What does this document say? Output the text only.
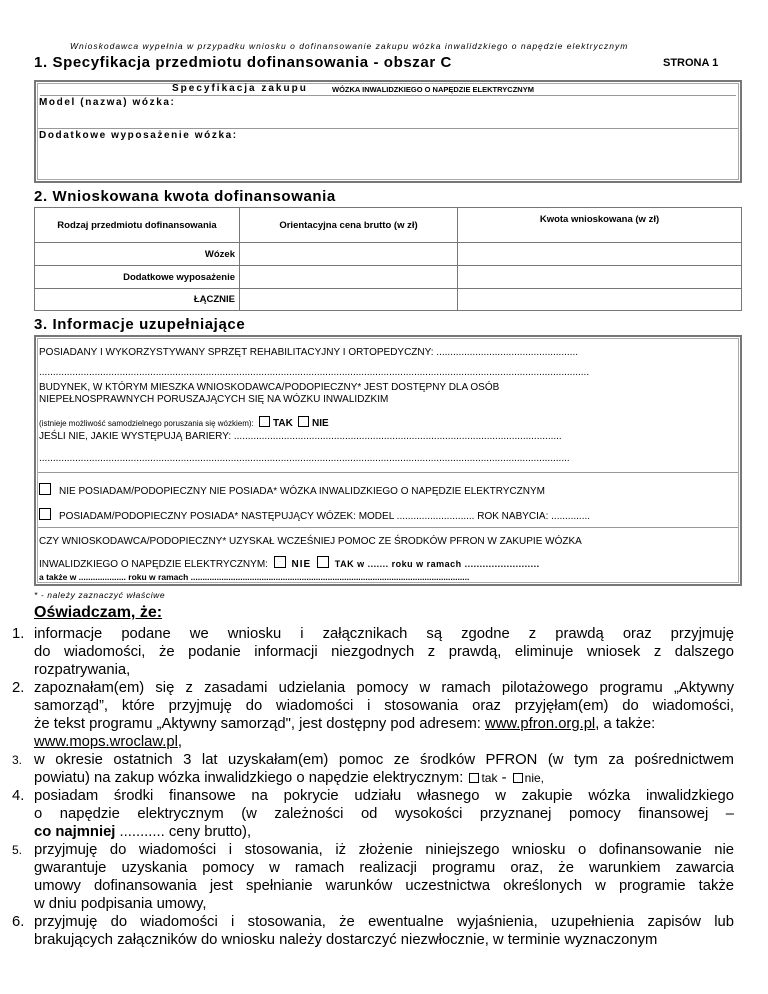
Wnioskodawca wypełnia w przypadku wniosku o dofinansowanie zakupu wózka inwalidzkiego o napędzie elektrycznym
1. Specyfikacja przedmiotu dofinansowania - obszar C	STRONA 1
Specyfikacja zakupu	WÓZKA INWALIDZKIEGO O NAPĘDZIE ELEKTRYCZNYM
Model (nazwa) wózka:
Dodatkowe wyposażenie wózka:
2. Wnioskowana kwota dofinansowania
Rodzaj przedmiotu dofinansowania	Orientacyjna cena brutto (w zł)	Kwota wnioskowana (w zł)
Wózek		
Dodatkowe wyposażenie		
ŁĄCZNIE		
3. Informacje uzupełniające
POSIADANY I WYKORZYSTYWANY SPRZĘT REHABILITACYJNY I ORTOPEDYCZNY: ...................................................
......................................................................................................................................................................................................
BUDYNEK, W KTÓRYM MIESZKA WNIOSKODAWCA/PODOPIECZNY* JEST DOSTĘPNY DLA OSÓB
NIEPEŁNOSPRAWNYCH PORUSZAJĄCYCH SIĘ NA WÓZKU INWALIDZKIM
(istnieje możliwość samodzielnego poruszania się wózkiem): TAK NIE
JEŚLI NIE, JAKIE WYSTĘPUJĄ BARIERY: ......................................................................................................................
...............................................................................................................................................................................................
NIE POSIADAM/PODOPIECZNY NIE POSIADA* WÓZKA INWALIDZKIEGO O NAPĘDZIE ELEKTRYCZNYM
POSIADAM/PODOPIECZNY POSIADA* NASTĘPUJĄCY WÓZEK: MODEL ............................ ROK NABYCIA: ..............
CZY WNIOSKODAWCA/PODOPIECZNY* UZYSKAŁ WCZEŚNIEJ POMOC ZE ŚRODKÓW PFRON W ZAKUPIE WÓZKA
INWALIDZKIEGO O NAPĘDZIE ELEKTRYCZNYM: NIE	TAK w ....... roku w ramach .........................
a także w .................... roku w ramach ......................................................................................................................
* - należy zaznaczyć właściwe
Oświadczam, że:
1. informacje podane we wniosku i załącznikach są zgodne z prawdą oraz przyjmuję
do wiadomości, że podanie informacji niezgodnych z prawdą, eliminuje wniosek z dalszego
rozpatrywania,
2. zapoznałam(em) się z zasadami udzielania pomocy w ramach pilotażowego programu „Aktywny
samorząd”, które przyjmuję do wiadomości i stosowania oraz przyjęłam(em) do wiadomości,
że tekst programu „Aktywny samorząd", jest dostępny pod adresem: www.pfron.org.pl, a także:
www.mops.wroclaw.pl,
3. w okresie ostatnich 3 lat uzyskałam(em) pomoc ze środków PFRON (w tym za pośrednictwem
powiatu) na zakup wózka inwalidzkiego o napędzie elektrycznym: tak - nie,
4. posiadam środki finansowe na pokrycie udziału własnego w zakupie wózka inwalidzkiego
o napędzie elektrycznym (w zależności od wysokości przyznanej pomocy finansowej –
co najmniej ........... ceny brutto),
5. przyjmuję do wiadomości i stosowania, iż złożenie niniejszego wniosku o dofinansowanie nie
gwarantuje uzyskania pomocy w ramach realizacji programu oraz, że warunkiem zawarcia
umowy dofinansowania jest spełnianie warunków uczestnictwa określonych w programie także
w dniu podpisania umowy,
6. przyjmuję do wiadomości i stosowania, że ewentualne wyjaśnienia, uzupełnienia zapisów lub
brakujących załączników do wniosku należy dostarczyć niezwłocznie, w terminie wyznaczonym
